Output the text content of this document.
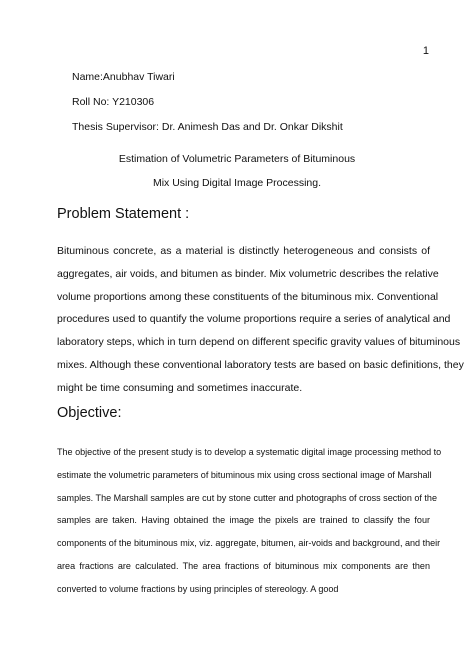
1
Name:Anubhav Tiwari
Roll No: Y210306
Thesis Supervisor: Dr. Animesh Das and Dr. Onkar Dikshit
Estimation of Volumetric Parameters of Bituminous
Mix Using Digital Image Processing.
Problem Statement :

Bituminous concrete, as a material is distinctly heterogeneous and consists of
aggregates, air voids, and bitumen as binder. Mix volumetric describes the relative
volume proportions among these constituents of the bituminous mix. Conventional
procedures used to quantify the volume proportions require a series of analytical and
laboratory steps, which in turn depend on different specific gravity values of bituminous
mixes. Although these conventional laboratory tests are based on basic definitions, they
might be time consuming and sometimes inaccurate.

Objective:

The objective of the present study is to develop a systematic digital image processing method to
estimate the volumetric parameters of bituminous mix using cross sectional image of Marshall
samples. The Marshall samples are cut by stone cutter and photographs of cross section of the
samples are taken. Having obtained the image the pixels are trained to classify the four
components of the bituminous mix, viz. aggregate, bitumen, air-voids and background, and their
area fractions are calculated. The area fractions of bituminous mix components are then
converted to volume fractions by using principles of stereology. A good
